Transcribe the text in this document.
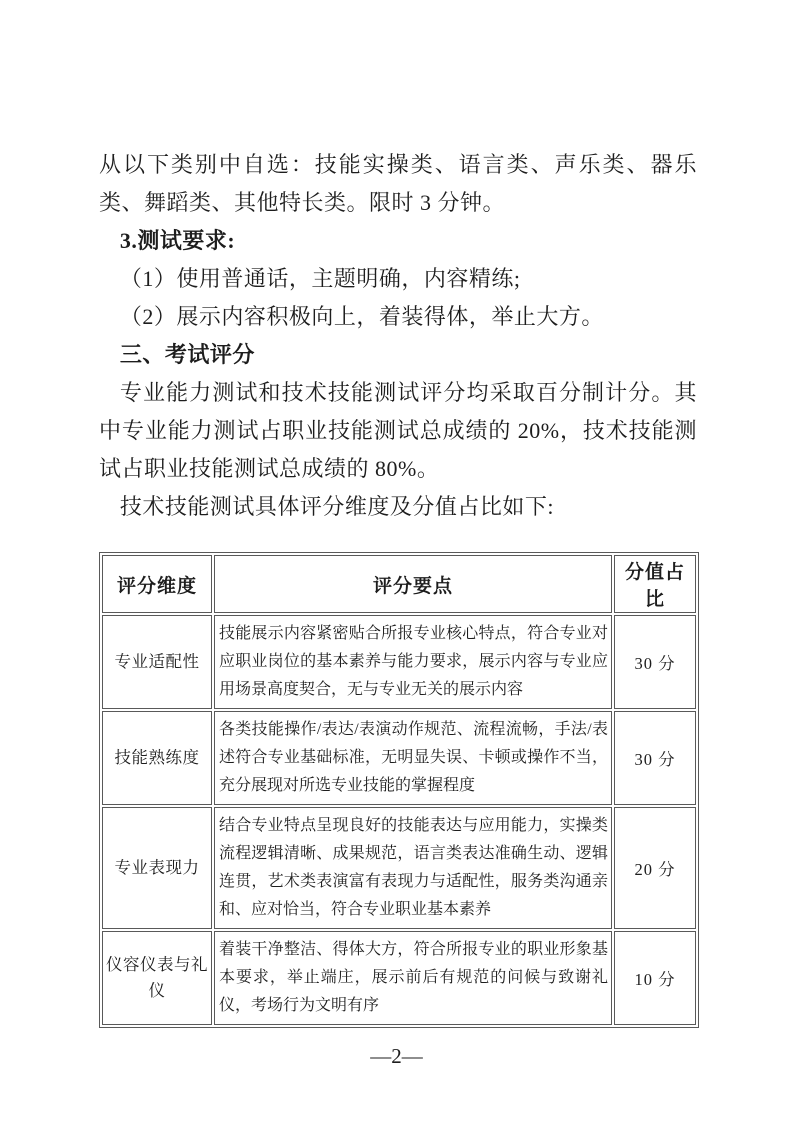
从以下类别中自选：技能实操类、语言类、声乐类、器乐类、舞蹈类、其他特长类。限时 3 分钟。

3.测试要求:

（1）使用普通话，主题明确，内容精练;

（2）展示内容积极向上，着装得体，举止大方。

三、考试评分

专业能力测试和技术技能测试评分均采取百分制计分。其中专业能力测试占职业技能测试总成绩的 20%，技术技能测试占职业技能测试总成绩的 80%。

技术技能测试具体评分维度及分值占比如下:

评分维度	评分要点	分值占比
专业适配性	技能展示内容紧密贴合所报专业核心特点，符合专业对应职业岗位的基本素养与能力要求，展示内容与专业应用场景高度契合，无与专业无关的展示内容	30 分
技能熟练度	各类技能操作/表达/表演动作规范、流程流畅，手法/表述符合专业基础标准，无明显失误、卡顿或操作不当，充分展现对所选专业技能的掌握程度	30 分
专业表现力	结合专业特点呈现良好的技能表达与应用能力，实操类流程逻辑清晰、成果规范，语言类表达准确生动、逻辑连贯，艺术类表演富有表现力与适配性，服务类沟通亲和、应对恰当，符合专业职业基本素养	20 分
仪容仪表与礼仪	着装干净整洁、得体大方，符合所报专业的职业形象基本要求，举止端庄，展示前后有规范的问候与致谢礼仪，考场行为文明有序	10 分
—2—
